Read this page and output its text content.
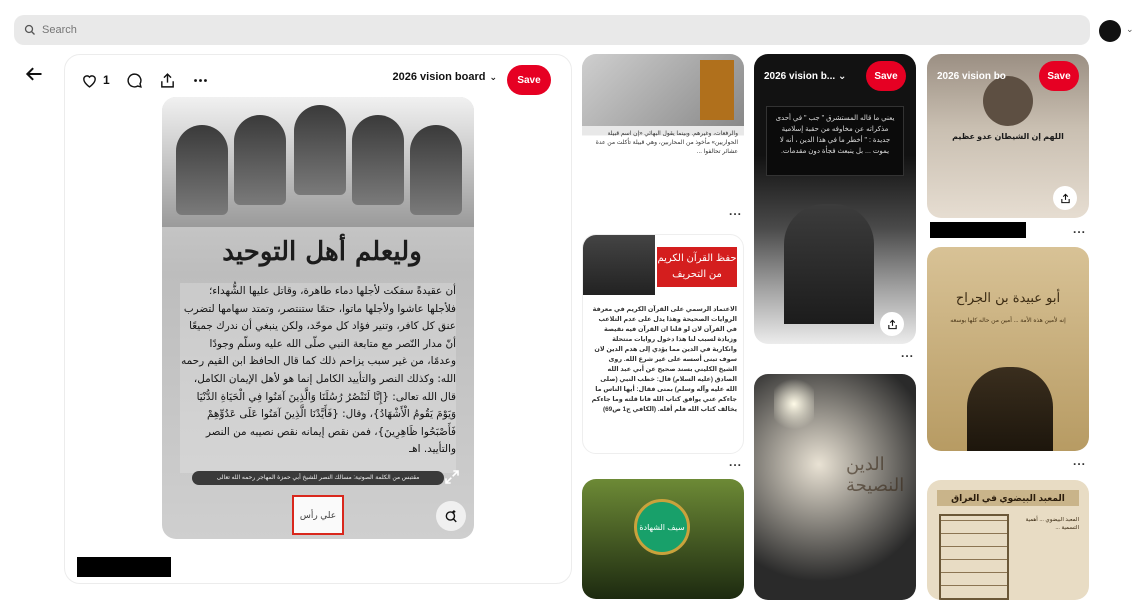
Search	⌄
1	2026 vision board ⌄	Save
وليعلم أهل التوحيد
أن عقيدةً سفكت لأجلها دماء طاهرة، وقاتل عليها الشُّهداء؛ فلأجلها عاشوا ولأجلها ماتوا، حتمًا ستنتصر، وتمتد سهامها لتضرب عنق كل كافر، وتنير فؤاد كل موحّد، ولكن ينبغي أن ندرك جميعًا أنّ مدار النّصر مع متابعة النبي صلّى الله عليه وسلّم وجودًا وعدمًا، من غير سبب يزاحم ذلك كما قال الحافظ ابن القيم رحمه الله: وكذلك النصر والتأييد الكامل إنما هو لأهل الإيمان الكامل، قال الله تعالى: {إِنَّا لَنَنْصُرُ رُسُلَنَا وَالَّذِينَ آمَنُوا فِي الْحَيَاةِ الدُّنْيَا وَيَوْمَ يَقُومُ الْأَشْهَادُ}، وقال: {فَأَيَّدْنَا الَّذِينَ آمَنُوا عَلَى عَدُوِّهِمْ فَأَصْبَحُوا ظَاهِرِينَ}، فمن نقص إيمانه نقص نصيبه من النصر والتأييد. اهـ
مقتبس من الكلمة الصوتية: مسالك النصر للشيخ أبي حمزة المهاجر رحمه الله تعالى
علي رأس
والرفعات، وغيرهم. وبينما يقول البهائي «إن اسم قبيلة الحواريين» مأخوذ من المحاربين، وهي قبيلة تأكلت من عدة عشائر تحالفوا ...
...
حفظ القرآن الكريم من التحريف
الاعتماد الرسمي على القرآن الكريم في معرفة الروايات الصحيحة وهذا يدل على عدم التلاعب في القرآن لان لو قلنا ان القرآن فيه نقيصة وزيادة لسبب لنا هذا دخول روايات منتحلة وانكارية في الدين مما يؤدي إلى هدم الدين لان سوف تبنى أسسه على غير شرع الله. روى الشيخ الكليني بسند صحيح عن أبي عبد الله الصادق (عليه السلام) قال: خطب النبي (صلى الله عليه وآله وسلم) بمنى فقال: أيها الناس ما جاءكم عني يوافق كتاب الله فانا قلته وما جاءكم يخالف كتاب الله فلم أقله. (الكافي ج1 ص69)
...
سيف الشهادة
2026 vision b...
⌄	Save
يعني ما قاله المستشرق " جب " في أحدى مذكراته عن مخاوفه من حقبة إسلامية جديدة : " أخطر ما في هذا الدين ، أنه لا يموت ... بل ينبعث فجأة دون مقدمات.
...
الدين النصيحة
2026 vision bo	Save
اللهم إن الشيطان عدو عظيم
...
أبو عبيدة بن الجراح
إنه لأمين هذه الأمة ... أمين من حاله كلها بوسعه
...
المعبد البيضوي في العراق
المعبد البيضوي ... أهمية التسمية ...
